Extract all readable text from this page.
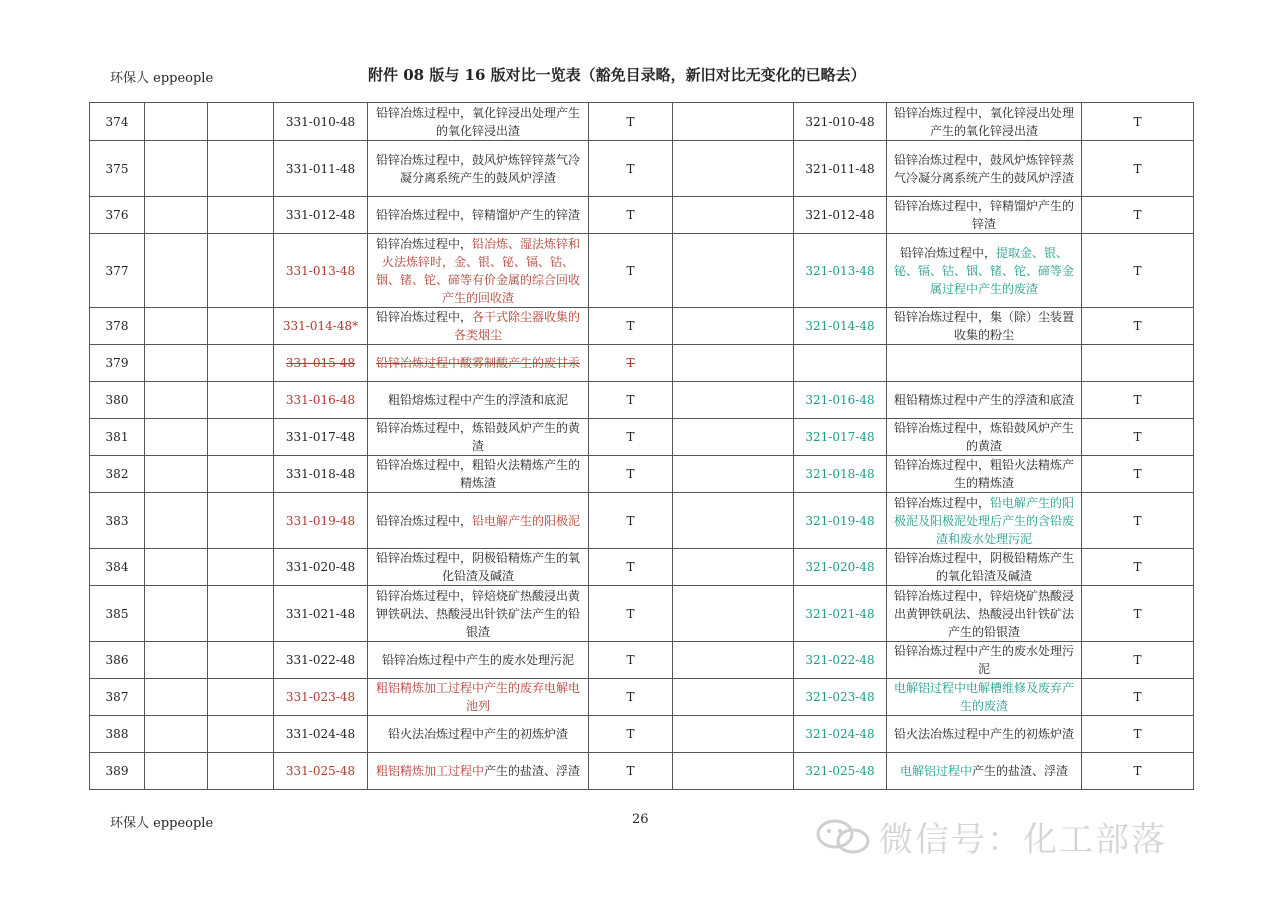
环保人 eppeople	附件 08 版与 16 版对比一览表（豁免目录略，新旧对比无变化的已略去）
374			331-010-48	铅锌冶炼过程中，氧化锌浸出处理产生的氧化锌浸出渣	T		321-010-48	铅锌冶炼过程中，氧化锌浸出处理产生的氧化锌浸出渣	T
375			331-011-48	铅锌冶炼过程中，鼓风炉炼锌锌蒸气冷凝分离系统产生的鼓风炉浮渣	T		321-011-48	铅锌冶炼过程中，鼓风炉炼锌锌蒸气冷凝分离系统产生的鼓风炉浮渣	T
376			331-012-48	铅锌冶炼过程中，锌精馏炉产生的锌渣	T		321-012-48	铅锌冶炼过程中，锌精馏炉产生的锌渣	T
377			331-013-48	铅锌冶炼过程中，铅冶炼、湿法炼锌和火法炼锌时，金、银、铋、镉、钴、铟、锗、铊、碲等有价金属的综合回收产生的回收渣	T		321-013-48	铅锌冶炼过程中，提取金、银、铋、镉、钴、铟、锗、铊、碲等金属过程中产生的废渣	T
378			331-014-48*	铅锌冶炼过程中，各干式除尘器收集的各类烟尘	T		321-014-48	铅锌冶炼过程中，集（除）尘装置收集的粉尘	T
379			331-015-48	铅锌冶炼过程中酸雾制酸产生的废甘汞	T				
380			331-016-48	粗铅熔炼过程中产生的浮渣和底泥	T		321-016-48	粗铅精炼过程中产生的浮渣和底渣	T
381			331-017-48	铅锌冶炼过程中，炼铅鼓风炉产生的黄渣	T		321-017-48	铅锌冶炼过程中，炼铅鼓风炉产生的黄渣	T
382			331-018-48	铅锌冶炼过程中，粗铅火法精炼产生的精炼渣	T		321-018-48	铅锌冶炼过程中，粗铅火法精炼产生的精炼渣	T
383			331-019-48	铅锌冶炼过程中，铅电解产生的阳极泥	T		321-019-48	铅锌冶炼过程中，铅电解产生的阳极泥及阳极泥处理后产生的含铅废渣和废水处理污泥	T
384			331-020-48	铅锌冶炼过程中，阴极铅精炼产生的氧化铅渣及碱渣	T		321-020-48	铅锌冶炼过程中，阴极铅精炼产生的氧化铅渣及碱渣	T
385			331-021-48	铅锌冶炼过程中，锌焙烧矿热酸浸出黄钾铁矾法、热酸浸出针铁矿法产生的铅银渣	T		321-021-48	铅锌冶炼过程中，锌焙烧矿热酸浸出黄钾铁矾法、热酸浸出针铁矿法产生的铅银渣	T
386			331-022-48	铅锌冶炼过程中产生的废水处理污泥	T		321-022-48	铅锌冶炼过程中产生的废水处理污泥	T
387			331-023-48	粗铝精炼加工过程中产生的废弃电解电池列	T		321-023-48	电解铝过程中电解槽维修及废弃产生的废渣	T
388			331-024-48	铅火法冶炼过程中产生的初炼炉渣	T		321-024-48	铅火法冶炼过程中产生的初炼炉渣	T
389			331-025-48	粗铝精炼加工过程中产生的盐渣、浮渣	T		321-025-48	电解铝过程中产生的盐渣、浮渣	T
环保人 eppeople	26
微信号：化工部落
